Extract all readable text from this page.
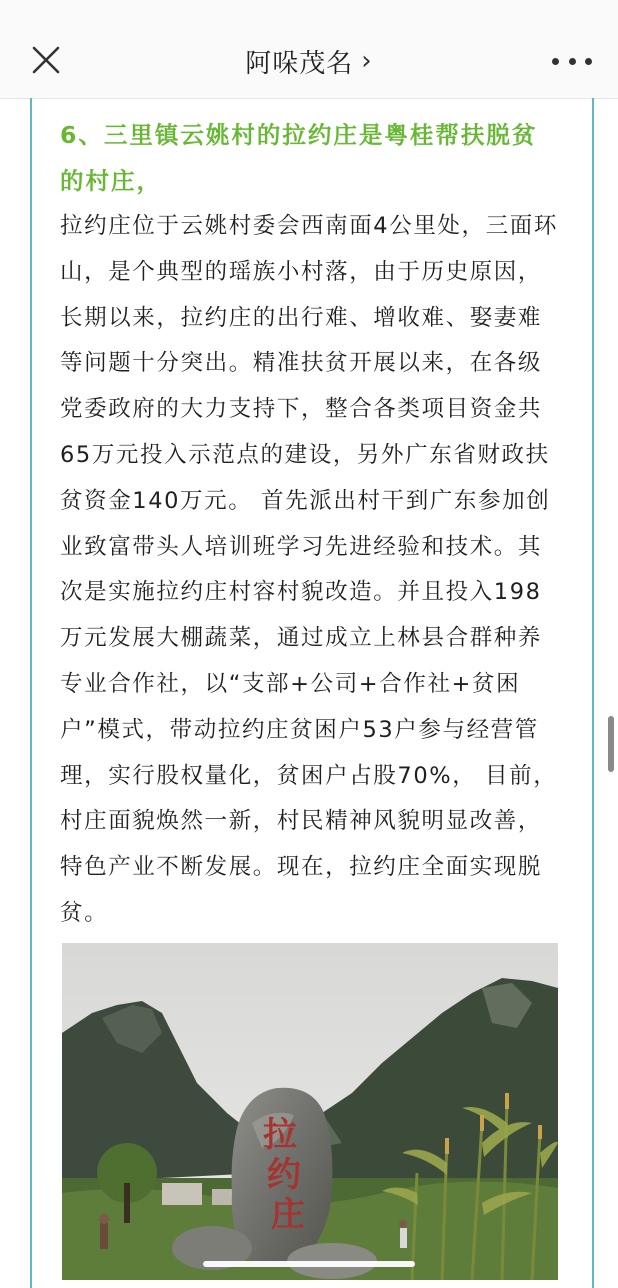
阿哚茂名 ›

6、三里镇云姚村的拉约庄是粤桂帮扶脱贫的村庄，

拉约庄位于云姚村委会西南面4公里处，三面环山，是个典型的瑶族小村落，由于历史原因，长期以来，拉约庄的出行难、增收难、娶妻难等问题十分突出。精准扶贫开展以来，在各级党委政府的大力支持下，整合各类项目资金共65万元投入示范点的建设，另外广东省财政扶贫资金140万元。 首先派出村干到广东参加创业致富带头人培训班学习先进经验和技术。其次是实施拉约庄村容村貌改造。并且投入198万元发展大棚蔬菜，通过成立上林县合群种养专业合作社，以“支部+公司+合作社+贫困户”模式，带动拉约庄贫困户53户参与经营管理，实行股权量化，贫困户占股70%， 目前，村庄面貌焕然一新，村民精神风貌明显改善，特色产业不断发展。现在，拉约庄全面实现脱贫。

拉
约
庄
